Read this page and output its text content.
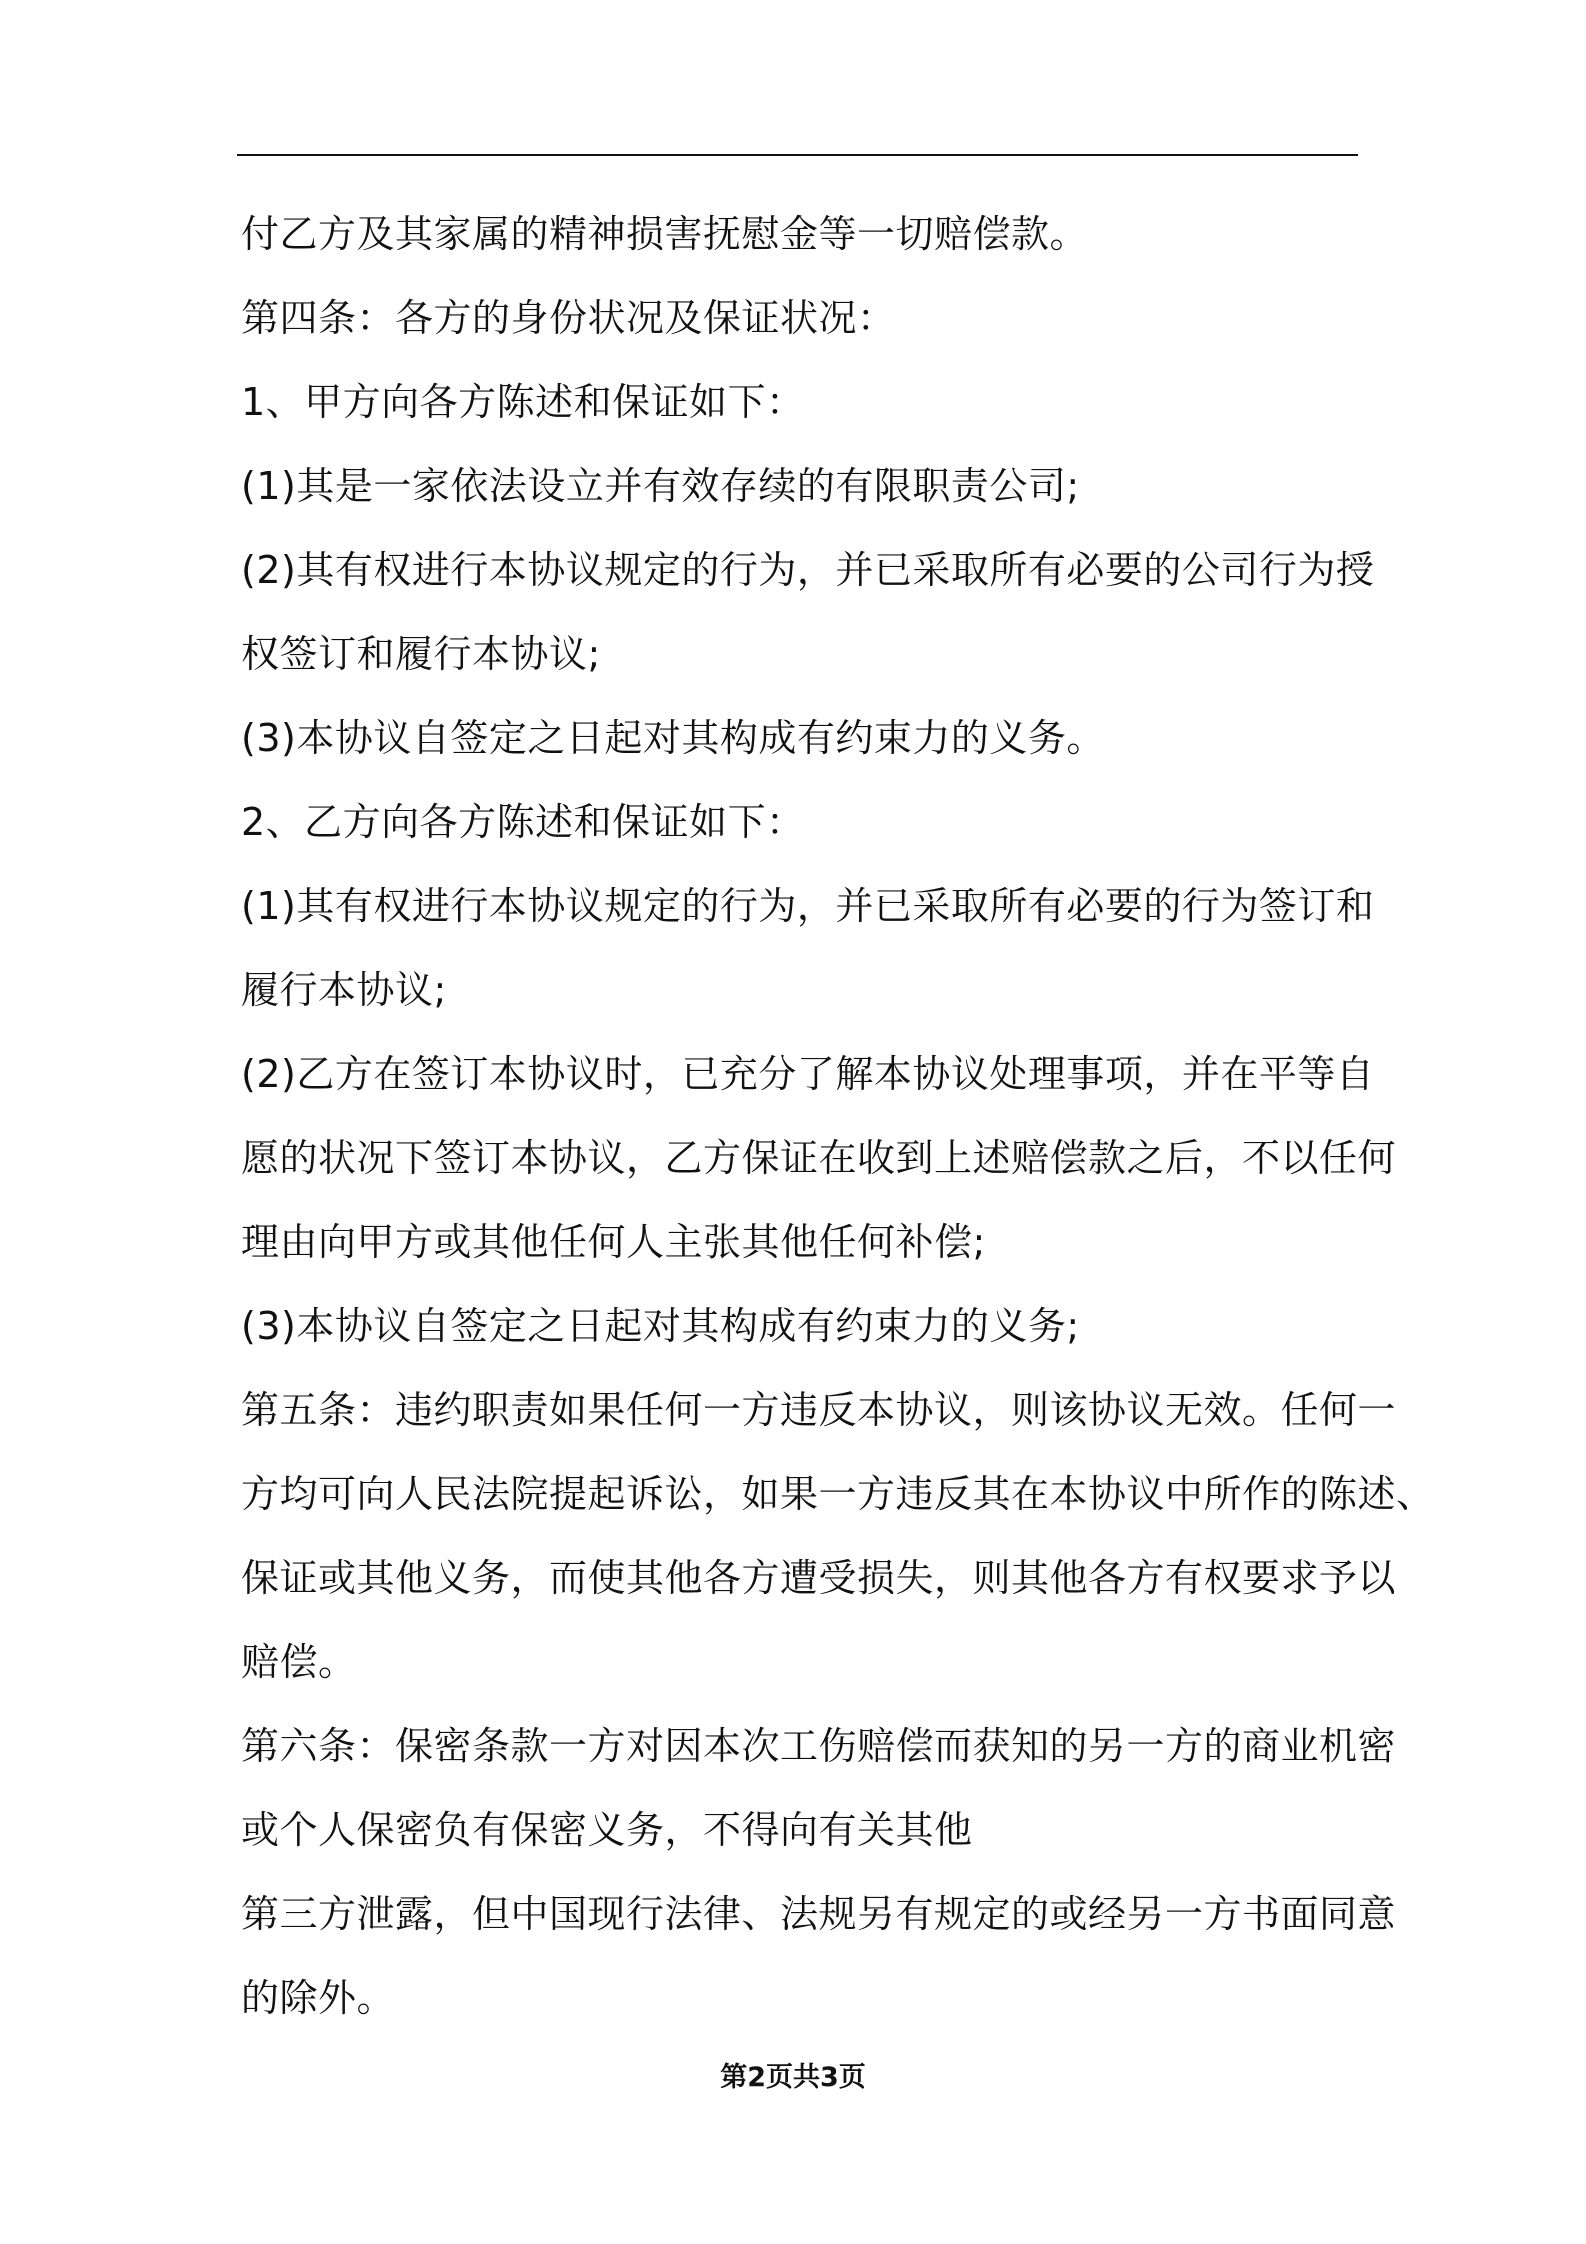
付乙方及其家属的精神损害抚慰金等一切赔偿款。
第四条：各方的身份状况及保证状况：
1、甲方向各方陈述和保证如下：
(1)其是一家依法设立并有效存续的有限职责公司;
(2)其有权进行本协议规定的行为，并已采取所有必要的公司行为授
权签订和履行本协议;
(3)本协议自签定之日起对其构成有约束力的义务。
2、乙方向各方陈述和保证如下：
(1)其有权进行本协议规定的行为，并已采取所有必要的行为签订和
履行本协议;
(2)乙方在签订本协议时，已充分了解本协议处理事项，并在平等自
愿的状况下签订本协议，乙方保证在收到上述赔偿款之后，不以任何
理由向甲方或其他任何人主张其他任何补偿;
(3)本协议自签定之日起对其构成有约束力的义务;
第五条：违约职责如果任何一方违反本协议，则该协议无效。任何一
方均可向人民法院提起诉讼，如果一方违反其在本协议中所作的陈述、
保证或其他义务，而使其他各方遭受损失，则其他各方有权要求予以
赔偿。
第六条：保密条款一方对因本次工伤赔偿而获知的另一方的商业机密
或个人保密负有保密义务，不得向有关其他
第三方泄露，但中国现行法律、法规另有规定的或经另一方书面同意
的除外。
第2页共3页
